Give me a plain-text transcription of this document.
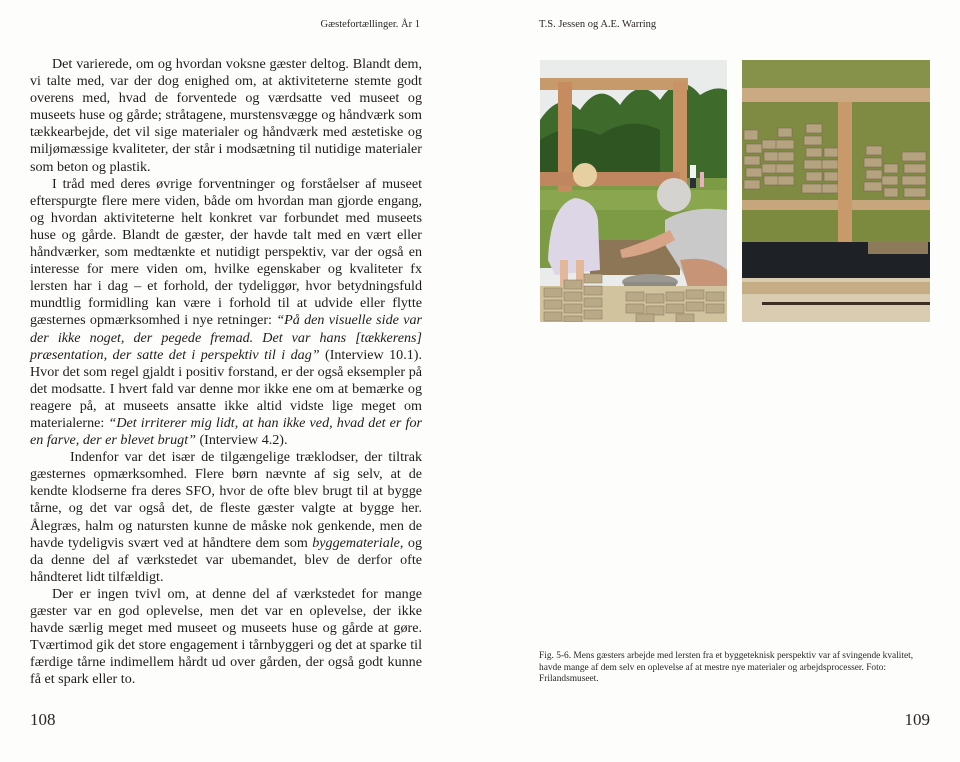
Gæstefortællinger. År 1

Det varierede, om og hvordan voksne gæster deltog. Blandt dem, vi talte med, var der dog enighed om, at aktiviteterne stemte godt overens med, hvad de forventede og værdsatte ved museet og museets huse og gårde; stråtagene, murstensvægge og håndværk som tækkearbejde, det vil sige materialer og håndværk med æstetiske og miljømæssige kvaliteter, der står i modsætning til nutidige materialer som beton og plastik.

I tråd med deres øvrige forventninger og forståelser af museet efterspurgte flere mere viden, både om hvordan man gjorde engang, og hvordan aktiviteterne helt konkret var forbundet med museets huse og gårde. Blandt de gæster, der havde talt med en vært eller håndværker, som medtænkte et nutidigt perspektiv, var der også en interesse for mere viden om, hvilke egenskaber og kvaliteter fx lersten har i dag – et forhold, der tydeliggør, hvor betydningsfuld mundtlig formidling kan være i forhold til at udvide eller flytte gæsternes opmærksomhed i nye retninger: “På den visuelle side var der ikke noget, der pegede fremad. Det var hans [tækkerens] præsentation, der satte det i perspektiv til i dag” (Interview 10.1). Hvor det som regel gjaldt i positiv forstand, er der også eksempler på det modsatte. I hvert fald var denne mor ikke ene om at bemærke og reagere på, at museets ansatte ikke altid vidste lige meget om materialerne: “Det irriterer mig lidt, at han ikke ved, hvad det er for en farve, der er blevet brugt” (Interview 4.2).

Indenfor var det især de tilgængelige træklodser, der tiltrak gæsternes opmærksomhed. Flere børn nævnte af sig selv, at de kendte klodserne fra deres SFO, hvor de ofte blev brugt til at bygge tårne, og det var også det, de fleste gæster valgte at bygge her. Ålegræs, halm og natursten kunne de måske nok genkende, men de havde tydeligvis svært ved at håndtere dem som byggemateriale, og da denne del af værkstedet var ubemandet, blev de derfor ofte håndteret lidt tilfældigt.

Der er ingen tvivl om, at denne del af værkstedet for mange gæster var en god oplevelse, men det var en oplevelse, der ikke havde særlig meget med museet og museets huse og gårde at gøre. Tværtimod gik det store engagement i tårnbyggeri og det at sparke til færdige tårne indimellem hårdt ud over gården, der også godt kunne få et spark eller to.

108
T.S. Jessen og A.E. Warring
Fig. 5-6. Mens gæsters arbejde med lersten fra et byggeteknisk perspektiv var af svingende kvalitet, havde mange af dem selv en oplevelse af at mestre nye materialer og arbejdsprocesser. Foto: Frilandsmuseet.
109
